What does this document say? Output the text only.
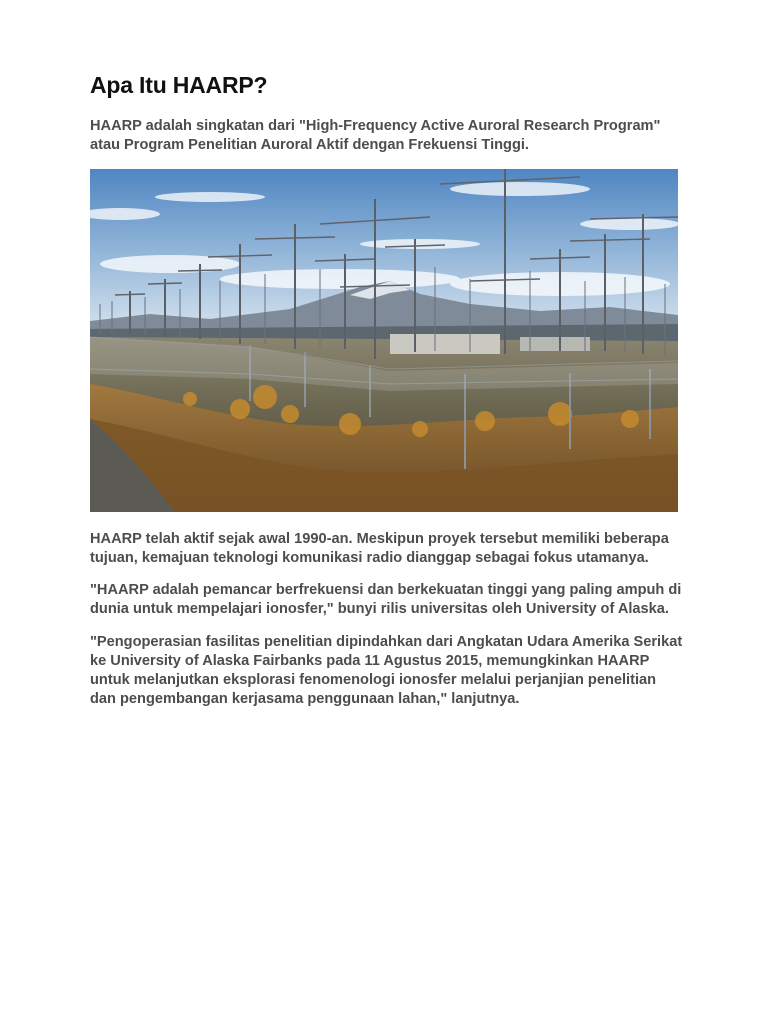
Apa Itu HAARP?

HAARP adalah singkatan dari "High-Frequency Active Auroral Research Program" atau Program Penelitian Auroral Aktif dengan Frekuensi Tinggi.

HAARP telah aktif sejak awal 1990-an. Meskipun proyek tersebut memiliki beberapa tujuan, kemajuan teknologi komunikasi radio dianggap sebagai fokus utamanya.

"HAARP adalah pemancar berfrekuensi dan berkekuatan tinggi yang paling ampuh di dunia untuk mempelajari ionosfer," bunyi rilis universitas oleh University of Alaska.

"Pengoperasian fasilitas penelitian dipindahkan dari Angkatan Udara Amerika Serikat ke University of Alaska Fairbanks pada 11 Agustus 2015, memungkinkan HAARP untuk melanjutkan eksplorasi fenomenologi ionosfer melalui perjanjian penelitian dan pengembangan kerjasama penggunaan lahan," lanjutnya.
